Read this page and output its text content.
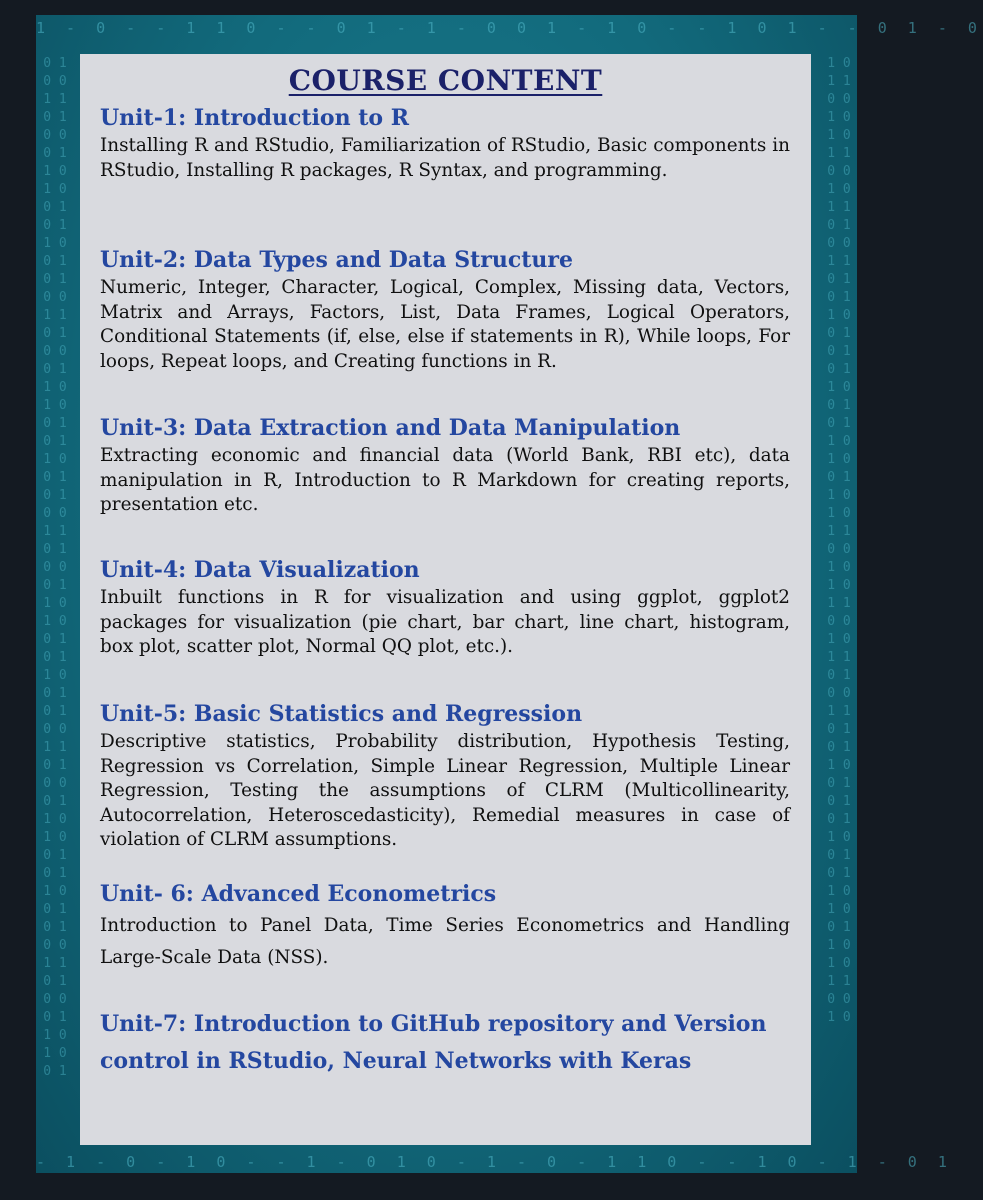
1 - 0 - - 1 1 0 - - 0 1 - 1 - 0 0 1 - 1 0 - - 1 0 1 - - 0 1 - 0
- 1 - 0 - 1 0 - - 1 - 0 1 0 - 1 - 0 - 1 1 0 - - 1 0 - 1 - 0 1
0 1 0 0 1 1 0 1 0 0 0 1 1 0 1 0 0 1 0 1 1 0 0 1 0 1 0 0 1 1 0 1 0 0 0 1 1 0 1 0 0 1 0 1 1 0 0 1 0 1 0 0 1 1 0 1 0 0 0 1 1 0 1 0 0 1 0 1 1 0 0 1 0 1 0 0 1 1 0 1 0 0 0 1 1 0 1 0 0 1 0 1 1 0 0 1 0 1 0 0 1 1 0 1 0 0 0 1 1 0 1 0 0 1
1 0 1 1 0 0 1 0 1 0 1 1 0 0 1 0 1 1 0 1 0 0 1 1 0 1 0 1 1 0 0 1 0 1 0 1 1 0 0 1 0 1 1 0 1 0 0 1 1 0 1 0 1 1 0 0 1 0 1 0 1 1 0 0 1 0 1 1 0 1 0 0 1 1 0 1 0 1 1 0 0 1 0 1 0 1 1 0 0 1 0 1 1 0 1 0 0 1 1 0 1 0 1 1 0 0 1 0
COURSE CONTENT

Unit-1: Introduction to R

Installing R and RStudio, Familiarization of RStudio, Basic components in RStudio, Installing R packages, R Syntax, and programming.

Unit-2: Data Types and Data Structure

Numeric, Integer, Character, Logical, Complex, Missing data, Vectors, Matrix and Arrays, Factors, List, Data Frames, Logical Operators, Conditional Statements (if, else, else if statements in R), While loops, For loops, Repeat loops, and Creating functions in R.

Unit-3: Data Extraction and Data Manipulation

Extracting economic and financial data (World Bank, RBI etc), data manipulation in R, Introduction to R Markdown for creating reports, presentation etc.

Unit-4: Data Visualization

Inbuilt functions in R for visualization and using ggplot, ggplot2 packages for visualization (pie chart, bar chart, line chart, histogram, box plot, scatter plot, Normal QQ plot, etc.).

Unit-5: Basic Statistics and Regression

Descriptive statistics, Probability distribution, Hypothesis Testing, Regression vs Correlation, Simple Linear Regression, Multiple Linear Regression, Testing the assumptions of CLRM (Multicollinearity, Autocorrelation, Heteroscedasticity), Remedial measures in case of violation of CLRM assumptions.

Unit- 6: Advanced Econometrics

Introduction to Panel Data, Time Series Econometrics and Handling Large-Scale Data (NSS).

Unit-7: Introduction to GitHub repository and Version control in RStudio, Neural Networks with Keras
